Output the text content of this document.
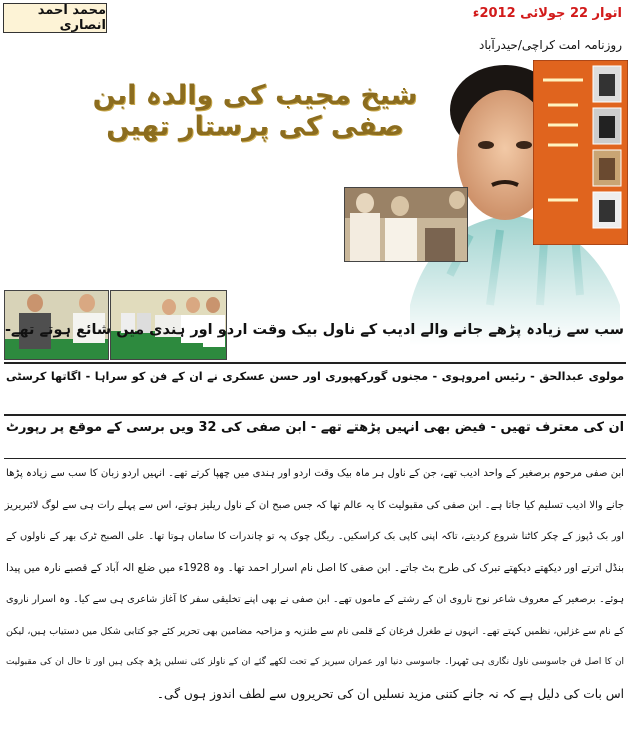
محمد احمد انصاری
اتوار 22 جولائی 2012ء
روزنامہ امت کراچی/حیدرآباد
شیخ مجیب کی والدہ ابن صفی کی پرستار تھیں
سب سے زیادہ پڑھے جانے والے ادیب کے ناول بیک وقت اردو اور ہندی میں شائع ہوتے تھے-
مولوی عبدالحق - رئیس امروہوی - مجنوں گورکھپوری اور حسن عسکری نے ان کے فن کو سراہا - اگاتھا کرسٹی
ان کی معترف تھیں - فیض بھی انہیں پڑھتے تھے - ابن صفی کی 32 ویں برسی کے موقع پر رپورٹ
ابن صفی مرحوم برصغیر کے واحد ادیب تھے، جن کے ناول ہر ماہ بیک وقت اردو اور ہندی میں چھپا کرتے تھے۔ انہیں اردو زبان کا سب سے زیادہ پڑھا
جانے والا ادیب تسلیم کیا جاتا ہے۔ ابن صفی کی مقبولیت کا یہ عالم تھا کہ جس صبح ان کے ناول ریلیز ہوتے، اس سے پہلے رات ہی سے لوگ لائبریریز
اور بک ڈپوز کے چکر کاٹنا شروع کردیتے، تاکہ اپنی کاپی بک کراسکیں۔ ریگل چوک پہ تو چاندرات کا ساماں ہوتا تھا۔ علی الصبح ٹرک بھر کے ناولوں کے
بنڈل اترتے اور دیکھتے دیکھتے تبرک کی طرح بٹ جاتے۔ ابن صفی کا اصل نام اسرار احمد تھا۔ وہ 1928ء میں ضلع الہ آباد کے قصبے نارہ میں پیدا
ہوئے۔ برصغیر کے معروف شاعر نوح ناروی ان کے رشتے کے ماموں تھے۔ ابن صفی نے بھی اپنے تخلیقی سفر کا آغاز شاعری ہی سے کیا۔ وہ اسرار ناروی
کے نام سے غزلیں، نظمیں کہتے تھے۔ انہوں نے طغرل فرغان کے قلمی نام سے طنزیہ و مزاحیہ مضامین بھی تحریر کئے جو کتابی شکل میں دستیاب ہیں، لیکن
ان کا اصل فن جاسوسی ناول نگاری ہی ٹھہرا۔ جاسوسی دنیا اور عمران سیریز کے تحت لکھے گئے ان کے ناولز کئی نسلیں پڑھ چکی ہیں اور تا حال ان کی مقبولیت
اس بات کی دلیل ہے کہ نہ جانے کتنی مزید نسلیں ان کی تحریروں سے لطف اندوز ہوں گی۔
